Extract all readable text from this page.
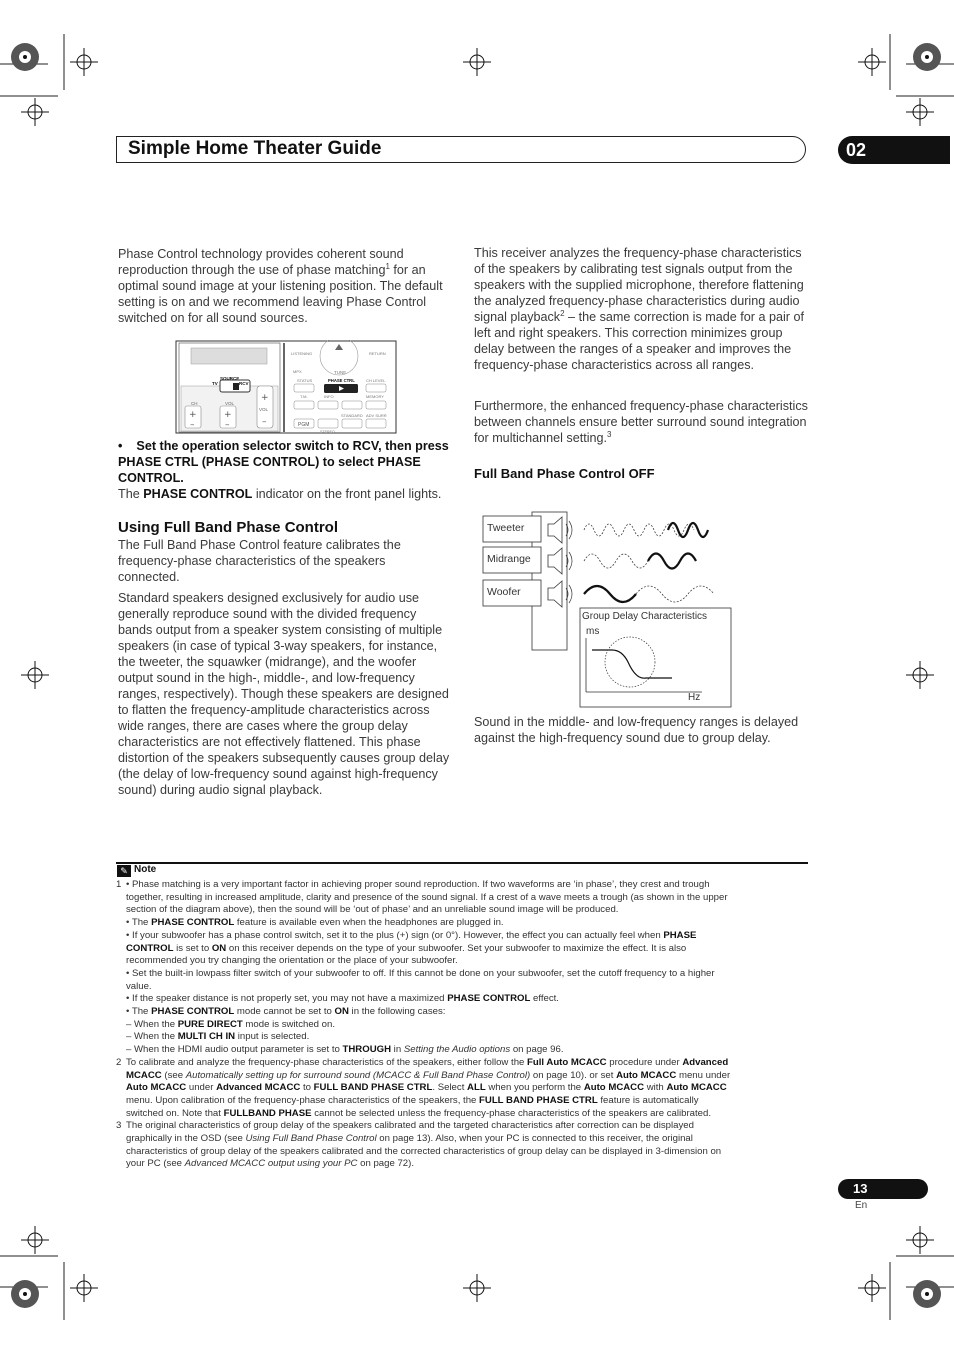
Simple Home Theater Guide	02
Phase Control technology provides coherent sound reproduction through the use of phase matching$^1$ for an optimal sound image at your listening position. The default setting is on and we recommend leaving Phase Control switched on for all sound sources.
SOURCE
TV	RCV
CH	VOL
+	+
–	–
+
–
VOL
LISTENING	RETURN
TUNE
MPX
STATUS	PHASE CTRL	CH LEVEL
T.M.	INFO	MEMORY
STANDARD ADV SURR
PGM
STEREO
• Set the operation selector switch to RCV, then press PHASE CTRL (PHASE CONTROL) to select PHASE CONTROL.
The PHASE CONTROL indicator on the front panel lights.
Using Full Band Phase Control
The Full Band Phase Control feature calibrates the frequency-phase characteristics of the speakers connected.
Standard speakers designed exclusively for audio use generally reproduce sound with the divided frequency bands output from a speaker system consisting of multiple speakers (in case of typical 3-way speakers, for instance, the tweeter, the squawker (midrange), and the woofer output sound in the high-, middle-, and low-frequency ranges, respectively). Though these speakers are designed to flatten the frequency-amplitude characteristics across wide ranges, there are cases where the group delay characteristics are not effectively flattened. This phase distortion of the speakers subsequently causes group delay (the delay of low-frequency sound against high-frequency sound) during audio signal playback.
This receiver analyzes the frequency-phase characteristics of the speakers by calibrating test signals output from the speakers with the supplied microphone, therefore flattening the analyzed frequency-phase characteristics during audio signal playback$^2$ – the same correction is made for a pair of left and right speakers. This correction minimizes group delay between the ranges of a speaker and improves the frequency-phase characteristics across all ranges.
Furthermore, the enhanced frequency-phase characteristics between channels ensure better surround sound integration for multichannel setting.$^3$
Full Band Phase Control OFF
Tweeter
Midrange
Woofer
Group Delay Characteristics
ms
Hz
Sound in the middle- and low-frequency ranges is delayed against the high-frequency sound due to group delay.
✎ Note
1 • Phase matching is a very important factor in achieving proper sound reproduction. If two waveforms are ‘in phase’, they crest and trough
together, resulting in increased amplitude, clarity and presence of the sound signal. If a crest of a wave meets a trough (as shown in the upper
section of the diagram above), then the sound will be ‘out of phase’ and an unreliable sound image will be produced.
• The PHASE CONTROL feature is available even when the headphones are plugged in.
• If your subwoofer has a phase control switch, set it to the plus (+) sign (or 0°). However, the effect you can actually feel when PHASE
CONTROL is set to ON on this receiver depends on the type of your subwoofer. Set your subwoofer to maximize the effect. It is also
recommended you try changing the orientation or the place of your subwoofer.
• Set the built-in lowpass filter switch of your subwoofer to off. If this cannot be done on your subwoofer, set the cutoff frequency to a higher
value.
• If the speaker distance is not properly set, you may not have a maximized PHASE CONTROL effect.
• The PHASE CONTROL mode cannot be set to ON in the following cases:
– When the PURE DIRECT mode is switched on.
– When the MULTI CH IN input is selected.
– When the HDMI audio output parameter is set to THROUGH in Setting the Audio options on page 96.
2 To calibrate and analyze the frequency-phase characteristics of the speakers, either follow the Full Auto MCACC procedure under Advanced
MCACC (see Automatically setting up for surround sound (MCACC & Full Band Phase Control) on page 10). or set Auto MCACC menu under
Auto MCACC under Advanced MCACC to FULL BAND PHASE CTRL. Select ALL when you perform the Auto MCACC with Auto MCACC
menu. Upon calibration of the frequency-phase characteristics of the speakers, the FULL BAND PHASE CTRL feature is automatically
switched on. Note that FULLBAND PHASE cannot be selected unless the frequency-phase characteristics of the speakers are calibrated.
3 The original characteristics of group delay of the speakers calibrated and the targeted characteristics after correction can be displayed
graphically in the OSD (see Using Full Band Phase Control on page 13). Also, when your PC is connected to this receiver, the original
characteristics of group delay of the speakers calibrated and the corrected characteristics of group delay can be displayed in 3-dimension on
your PC (see Advanced MCACC output using your PC on page 72).
13
En
